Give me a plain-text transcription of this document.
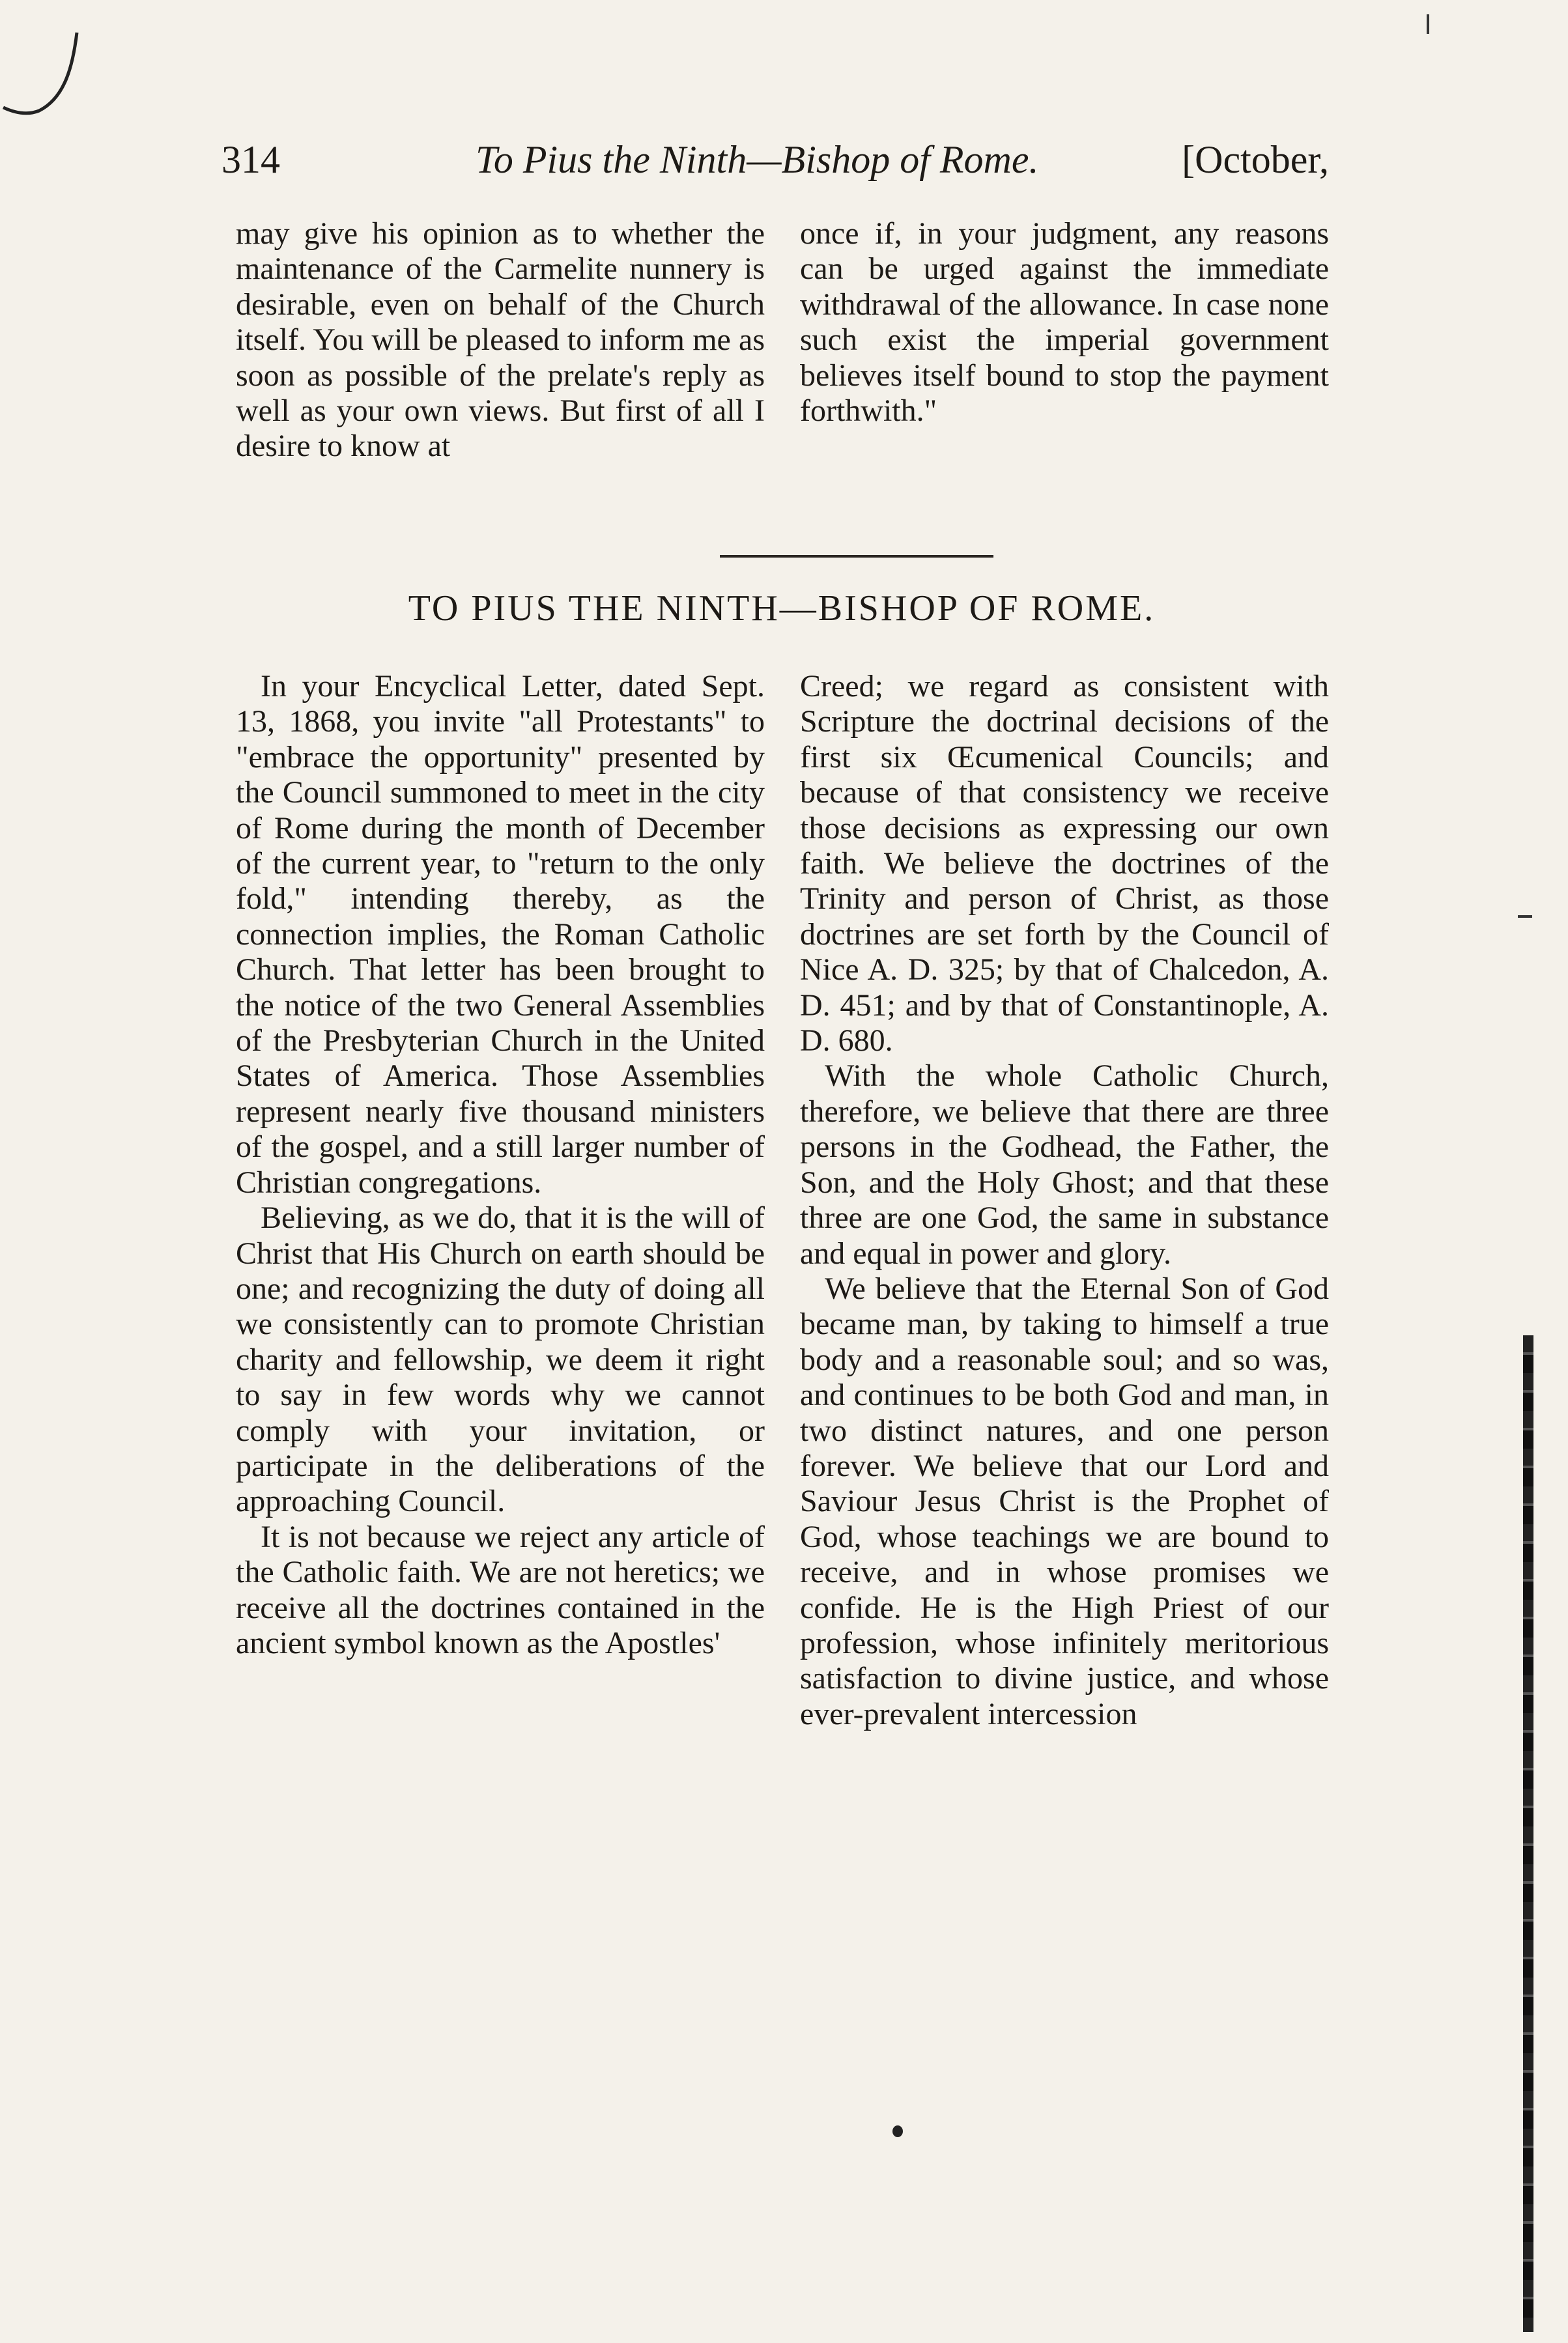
314	To Pius the Ninth—Bishop of Rome.	[October,

may give his opinion as to whether the maintenance of the Carmelite nunnery is desirable, even on behalf of the Church itself. You will be pleased to inform me as soon as possible of the prelate's reply as well as your own views. But first of all I desire to know at

once if, in your judgment, any reasons can be urged against the immediate withdrawal of the allowance. In case none such exist the imperial government believes itself bound to stop the payment forthwith."

TO PIUS THE NINTH—BISHOP OF ROME.

In your Encyclical Letter, dated Sept. 13, 1868, you invite "all Protestants" to "embrace the opportunity" presented by the Council summoned to meet in the city of Rome during the month of December of the current year, to "return to the only fold," intending thereby, as the connection implies, the Roman Catholic Church. That letter has been brought to the notice of the two General Assemblies of the Presbyterian Church in the United States of America. Those Assemblies represent nearly five thousand ministers of the gospel, and a still larger number of Christian congregations.

Believing, as we do, that it is the will of Christ that His Church on earth should be one; and recognizing the duty of doing all we consistently can to promote Christian charity and fellowship, we deem it right to say in few words why we cannot comply with your invitation, or participate in the deliberations of the approaching Council.

It is not because we reject any article of the Catholic faith. We are not heretics; we receive all the doctrines contained in the ancient symbol known as the Apostles'

Creed; we regard as consistent with Scripture the doctrinal decisions of the first six Œcumenical Councils; and because of that consistency we receive those decisions as expressing our own faith. We believe the doctrines of the Trinity and person of Christ, as those doctrines are set forth by the Council of Nice A. D. 325; by that of Chalcedon, A. D. 451; and by that of Constantinople, A. D. 680.

With the whole Catholic Church, therefore, we believe that there are three persons in the Godhead, the Father, the Son, and the Holy Ghost; and that these three are one God, the same in substance and equal in power and glory.

We believe that the Eternal Son of God became man, by taking to himself a true body and a reasonable soul; and so was, and continues to be both God and man, in two distinct natures, and one person forever. We believe that our Lord and Saviour Jesus Christ is the Prophet of God, whose teachings we are bound to receive, and in whose promises we confide. He is the High Priest of our profession, whose infinitely meritorious satisfaction to divine justice, and whose ever-prevalent intercession
